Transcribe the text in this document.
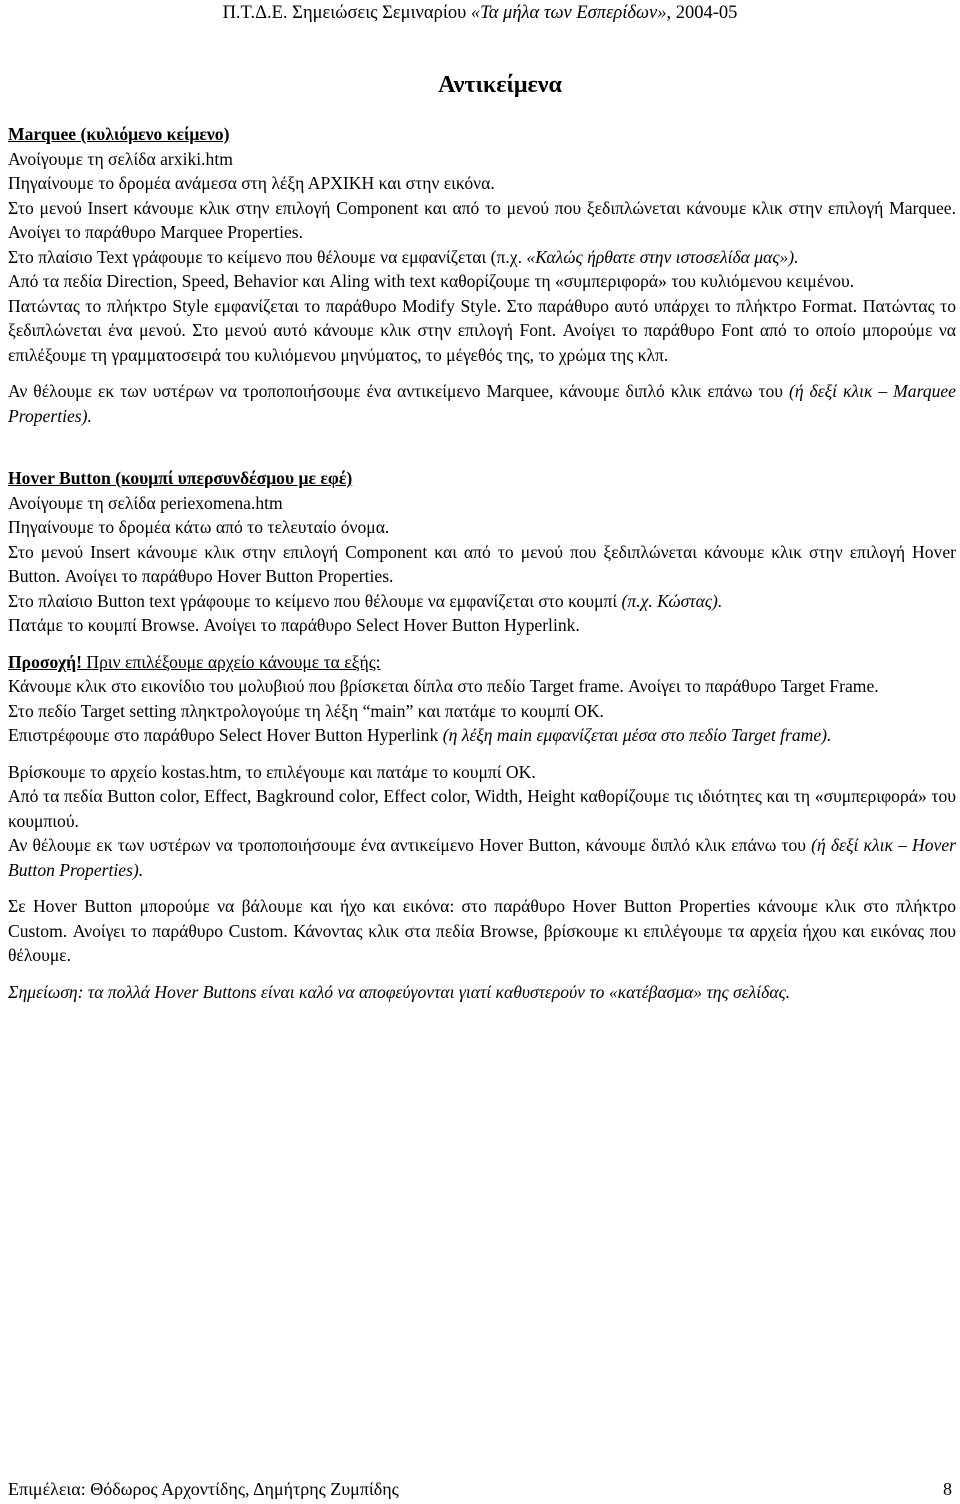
Π.Τ.Δ.Ε. Σημειώσεις Σεμιναρίου «Τα μήλα των Εσπερίδων», 2004-05
Αντικείμενα

Marquee (κυλιόμενο κείμενο)

Ανοίγουμε τη σελίδα arxiki.htm

Πηγαίνουμε το δρομέα ανάμεσα στη λέξη ΑΡΧΙΚΗ και στην εικόνα.

Στο μενού Insert κάνουμε κλικ στην επιλογή Component και από το μενού που ξεδιπλώνεται κάνουμε κλικ στην επιλογή Marquee. Ανοίγει το παράθυρο Marquee Properties.

Στο πλαίσιο Text γράφουμε το κείμενο που θέλουμε να εμφανίζεται (π.χ. «Καλώς ήρθατε στην ιστοσελίδα μας»).

Από τα πεδία Direction, Speed, Behavior και Aling with text καθορίζουμε τη «συμπεριφορά» του κυλιόμενου κειμένου.

Πατώντας το πλήκτρο Style εμφανίζεται το παράθυρο Modify Style. Στο παράθυρο αυτό υπάρχει το πλήκτρο Format. Πατώντας το ξεδιπλώνεται ένα μενού. Στο μενού αυτό κάνουμε κλικ στην επιλογή Font. Ανοίγει το παράθυρο Font από το οποίο μπορούμε να επιλέξουμε τη γραμματοσειρά του κυλιόμενου μηνύματος, το μέγεθός της, το χρώμα της κλπ.

Αν θέλουμε εκ των υστέρων να τροποποιήσουμε ένα αντικείμενο Marquee, κάνουμε διπλό κλικ επάνω του (ή δεξί κλικ – Marquee Properties).

Hover Button (κουμπί υπερσυνδέσμου με εφέ)

Ανοίγουμε τη σελίδα periexomena.htm

Πηγαίνουμε το δρομέα κάτω από το τελευταίο όνομα.

Στο μενού Insert κάνουμε κλικ στην επιλογή Component και από το μενού που ξεδιπλώνεται κάνουμε κλικ στην επιλογή Hover Button. Ανοίγει το παράθυρο Hover Button Properties.

Στο πλαίσιο Button text γράφουμε το κείμενο που θέλουμε να εμφανίζεται στο κουμπί (π.χ. Κώστας).

Πατάμε το κουμπί Browse. Ανοίγει το παράθυρο Select Hover Button Hyperlink.

Προσοχή! Πριν επιλέξουμε αρχείο κάνουμε τα εξής:

Κάνουμε κλικ στο εικονίδιο του μολυβιού που βρίσκεται δίπλα στο πεδίο Target frame. Ανοίγει το παράθυρο Target Frame.

Στο πεδίο Target setting πληκτρολογούμε τη λέξη “main” και πατάμε το κουμπί OK.

Επιστρέφουμε στο παράθυρο Select Hover Button Hyperlink (η λέξη main εμφανίζεται μέσα στο πεδίο Target frame).

Βρίσκουμε το αρχείο kostas.htm, το επιλέγουμε και πατάμε το κουμπί OK.

Από τα πεδία Button color, Effect, Bagkround color, Effect color, Width, Height καθορίζουμε τις ιδιότητες και τη «συμπεριφορά» του κουμπιού.

Αν θέλουμε εκ των υστέρων να τροποποιήσουμε ένα αντικείμενο Hover Button, κάνουμε διπλό κλικ επάνω του (ή δεξί κλικ – Hover Button Properties).

Σε Hover Button μπορούμε να βάλουμε και ήχο και εικόνα: στο παράθυρο Hover Button Properties κάνουμε κλικ στο πλήκτρο Custom. Ανοίγει το παράθυρο Custom. Κάνοντας κλικ στα πεδία Browse, βρίσκουμε κι επιλέγουμε τα αρχεία ήχου και εικόνας που θέλουμε.

Σημείωση: τα πολλά Hover Buttons είναι καλό να αποφεύγονται γιατί καθυστερούν το «κατέβασμα» της σελίδας.

Επιμέλεια: Θόδωρος Αρχοντίδης, Δημήτρης Ζυμπίδης	8
